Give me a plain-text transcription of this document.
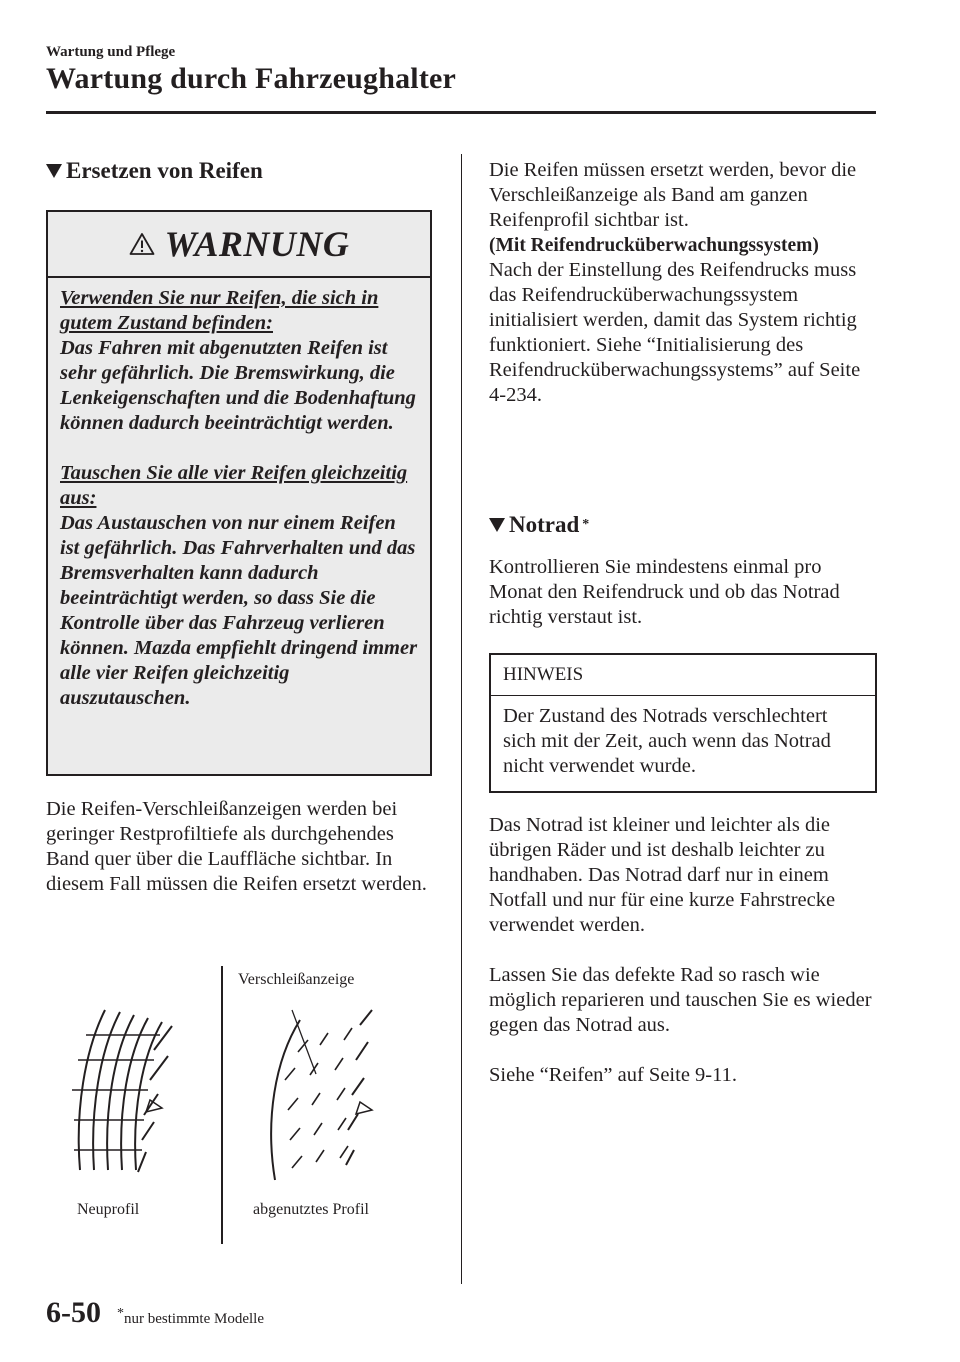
Wartung und Pflege
Wartung durch Fahrzeughalter
Ersetzen von Reifen
WARNUNG

Verwenden Sie nur Reifen, die sich in gutem Zustand befinden:
Das Fahren mit abgenutzten Reifen ist sehr gefährlich. Die Bremswirkung, die Lenkeigenschaften und die Bodenhaftung können dadurch beeinträchtigt werden.

Tauschen Sie alle vier Reifen gleichzeitig aus:
Das Austauschen von nur einem Reifen ist gefährlich. Das Fahrverhalten und das Bremsverhalten kann dadurch beeinträchtigt werden, so dass Sie die Kontrolle über das Fahrzeug verlieren können. Mazda empfiehlt dringend immer alle vier Reifen gleichzeitig auszutauschen.

Die Reifen-Verschleißanzeigen werden bei geringer Restprofiltiefe als durchgehendes Band quer über die Lauffläche sichtbar. In diesem Fall müssen die Reifen ersetzt werden.
Verschleißanzeige
Neuprofil	abgenutztes Profil
Die Reifen müssen ersetzt werden, bevor die Verschleißanzeige als Band am ganzen Reifenprofil sichtbar ist.
(Mit Reifendrucküberwachungssystem)
Nach der Einstellung des Reifendrucks muss das Reifendrucküberwachungssystem initialisiert werden, damit das System richtig funktioniert. Siehe “Initialisierung des Reifendrucküberwachungssystems” auf Seite 4-234.
Notrad *
Kontrollieren Sie mindestens einmal pro Monat den Reifendruck und ob das Notrad richtig verstaut ist.
HINWEIS
Der Zustand des Notrads verschlechtert sich mit der Zeit, auch wenn das Notrad nicht verwendet wurde.
Das Notrad ist kleiner und leichter als die übrigen Räder und ist deshalb leichter zu handhaben. Das Notrad darf nur in einem Notfall und nur für eine kurze Fahrstrecke verwendet werden.
Lassen Sie das defekte Rad so rasch wie möglich reparieren und tauschen Sie es wieder gegen das Notrad aus.
Siehe “Reifen” auf Seite 9-11.
6-50 *nur bestimmte Modelle
